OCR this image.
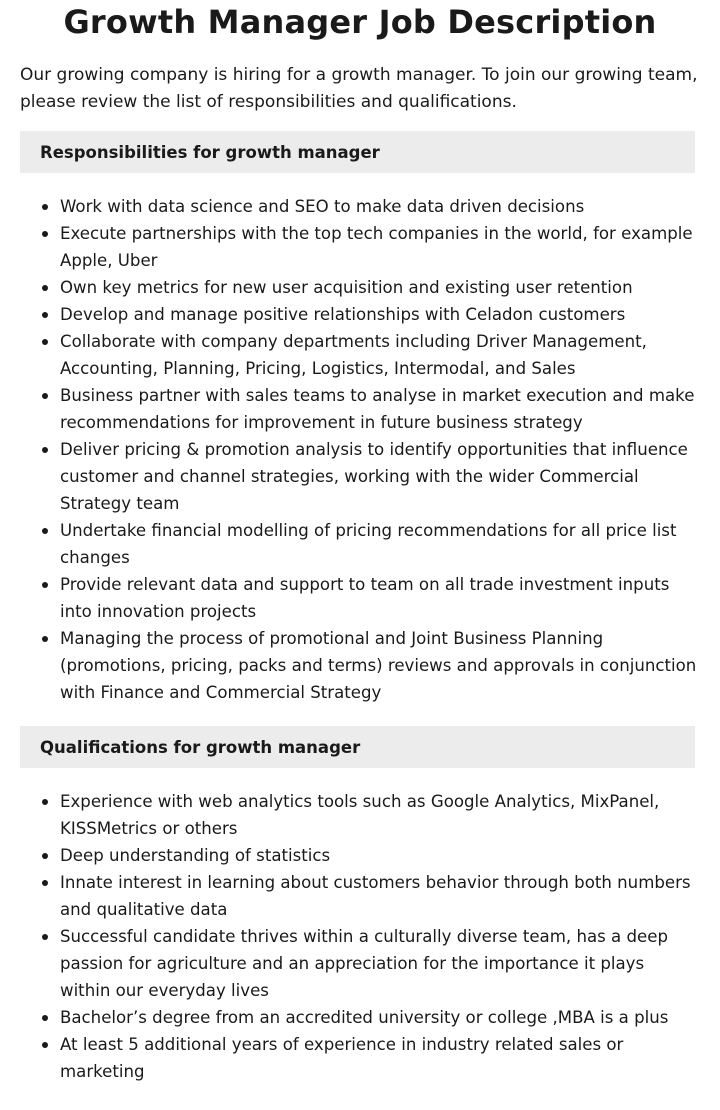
Growth Manager Job Description

Our growing company is hiring for a growth manager. To join our growing team, please review the list of responsibilities and qualifications.

Responsibilities for growth manager
Work with data science and SEO to make data driven decisions
Execute partnerships with the top tech companies in the world, for example Apple, Uber
Own key metrics for new user acquisition and existing user retention
Develop and manage positive relationships with Celadon customers
Collaborate with company departments including Driver Management, Accounting, Planning, Pricing, Logistics, Intermodal, and Sales
Business partner with sales teams to analyse in market execution and make recommendations for improvement in future business strategy
Deliver pricing & promotion analysis to identify opportunities that influence customer and channel strategies, working with the wider Commercial Strategy team
Undertake financial modelling of pricing recommendations for all price list changes
Provide relevant data and support to team on all trade investment inputs into innovation projects
Managing the process of promotional and Joint Business Planning (promotions, pricing, packs and terms) reviews and approvals in conjunction with Finance and Commercial Strategy
Qualifications for growth manager
Experience with web analytics tools such as Google Analytics, MixPanel, KISSMetrics or others
Deep understanding of statistics
Innate interest in learning about customers behavior through both numbers and qualitative data
Successful candidate thrives within a culturally diverse team, has a deep passion for agriculture and an appreciation for the importance it plays within our everyday lives
Bachelor’s degree from an accredited university or college ,MBA is a plus
At least 5 additional years of experience in industry related sales or marketing
